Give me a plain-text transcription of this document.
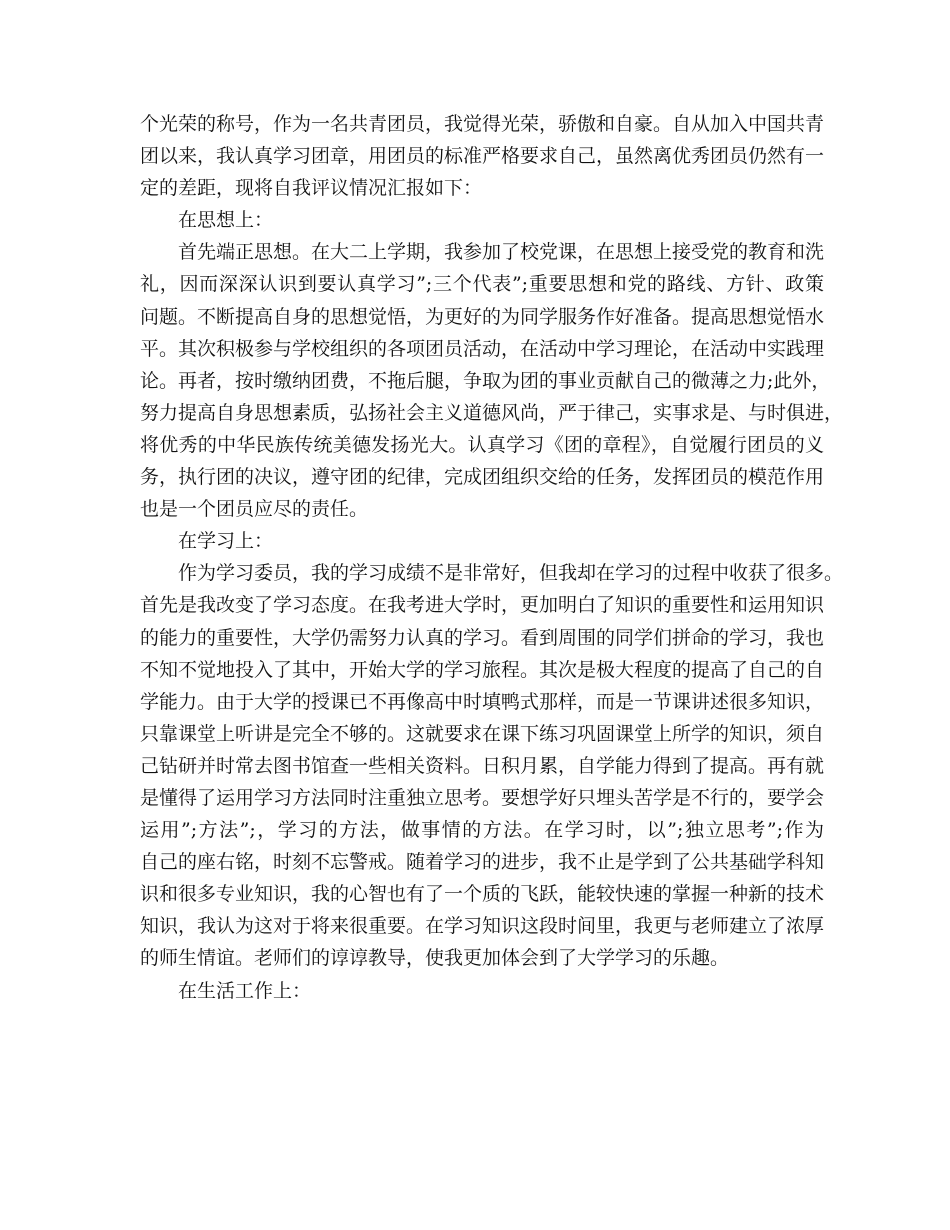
个光荣的称号，作为一名共青团员，我觉得光荣，骄傲和自豪。自从加入中国共青
团以来，我认真学习团章，用团员的标准严格要求自己，虽然离优秀团员仍然有一
定的差距，现将自我评议情况汇报如下：
在思想上：
首先端正思想。在大二上学期，我参加了校党课，在思想上接受党的教育和洗
礼，因而深深认识到要认真学习”;三个代表”;重要思想和党的路线、方针、政策
问题。不断提高自身的思想觉悟，为更好的为同学服务作好准备。提高思想觉悟水
平。其次积极参与学校组织的各项团员活动，在活动中学习理论，在活动中实践理
论。再者，按时缴纳团费，不拖后腿，争取为团的事业贡献自己的微薄之力;此外，
努力提高自身思想素质，弘扬社会主义道德风尚，严于律己，实事求是、与时俱进，
将优秀的中华民族传统美德发扬光大。认真学习《团的章程》，自觉履行团员的义
务，执行团的决议，遵守团的纪律，完成团组织交给的任务，发挥团员的模范作用
也是一个团员应尽的责任。
在学习上：
作为学习委员，我的学习成绩不是非常好，但我却在学习的过程中收获了很多。
首先是我改变了学习态度。在我考进大学时，更加明白了知识的重要性和运用知识
的能力的重要性，大学仍需努力认真的学习。看到周围的同学们拼命的学习，我也
不知不觉地投入了其中，开始大学的学习旅程。其次是极大程度的提高了自己的自
学能力。由于大学的授课已不再像高中时填鸭式那样，而是一节课讲述很多知识，
只靠课堂上听讲是完全不够的。这就要求在课下练习巩固课堂上所学的知识，须自
己钻研并时常去图书馆查一些相关资料。日积月累，自学能力得到了提高。再有就
是懂得了运用学习方法同时注重独立思考。要想学好只埋头苦学是不行的，要学会
运用”;方法”;，学习的方法，做事情的方法。在学习时，以”;独立思考”;作为
自己的座右铭，时刻不忘警戒。随着学习的进步，我不止是学到了公共基础学科知
识和很多专业知识，我的心智也有了一个质的飞跃，能较快速的掌握一种新的技术
知识，我认为这对于将来很重要。在学习知识这段时间里，我更与老师建立了浓厚
的师生情谊。老师们的谆谆教导，使我更加体会到了大学学习的乐趣。
在生活工作上：
